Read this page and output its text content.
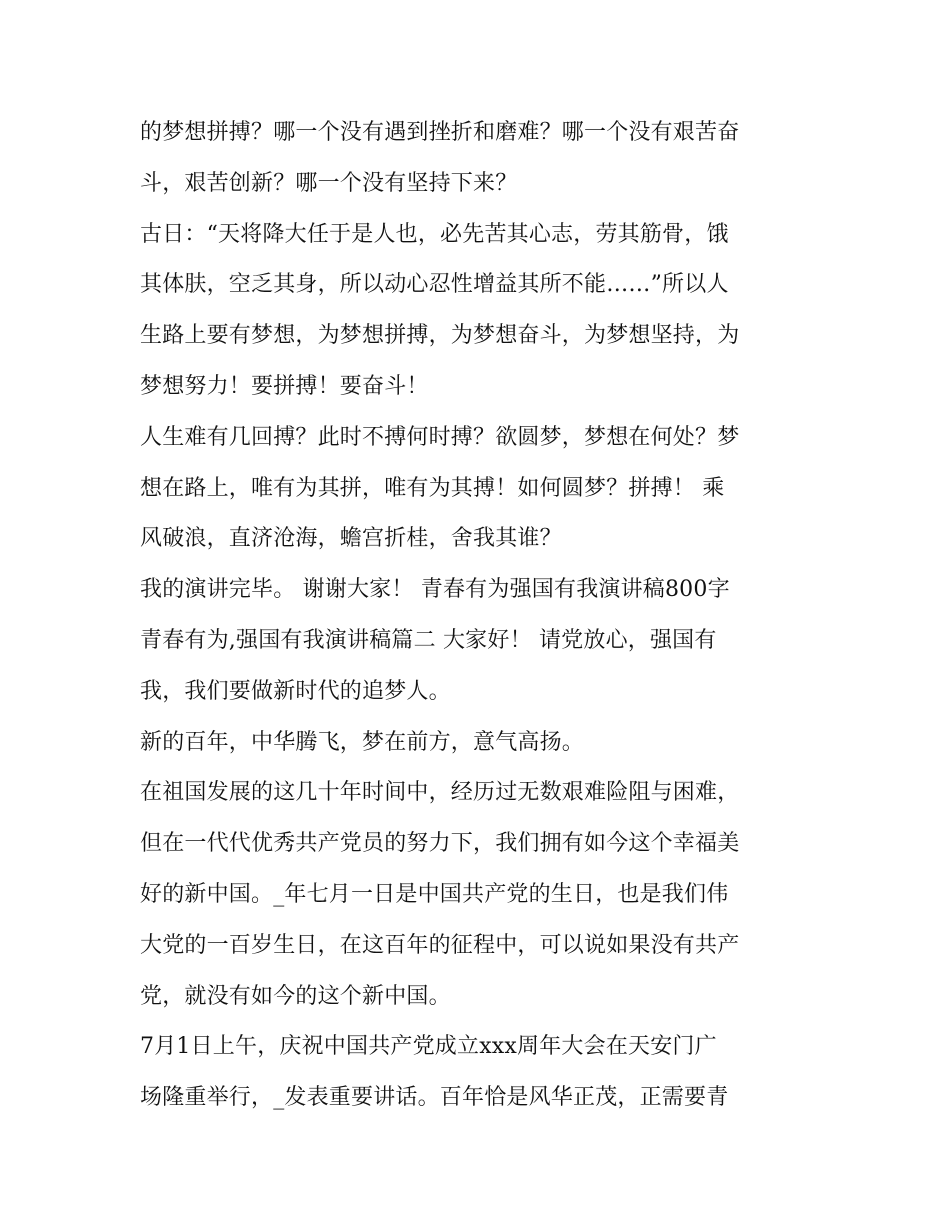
的梦想拼搏？哪一个没有遇到挫折和磨难？哪一个没有艰苦奋
斗，艰苦创新？哪一个没有坚持下来？
古日：“天将降大任于是人也，必先苦其心志，劳其筋骨，饿
其体肤，空乏其身，所以动心忍性增益其所不能……”所以人
生路上要有梦想，为梦想拼搏，为梦想奋斗，为梦想坚持，为
梦想努力！要拼搏！要奋斗！
人生难有几回搏？此时不搏何时搏？欲圆梦，梦想在何处？梦
想在路上，唯有为其拼，唯有为其搏！如何圆梦？拼搏！ 乘
风破浪，直济沧海，蟾宫折桂，舍我其谁？
我的演讲完毕。 谢谢大家！ 青春有为强国有我演讲稿800字
青春有为,强国有我演讲稿篇二 大家好！ 请党放心，强国有
我，我们要做新时代的追梦人。
新的百年，中华腾飞，梦在前方，意气高扬。
在祖国发展的这几十年时间中，经历过无数艰难险阻与困难，
但在一代代优秀共产党员的努力下，我们拥有如今这个幸福美
好的新中国。_年七月一日是中国共产党的生日，也是我们伟
大党的一百岁生日，在这百年的征程中，可以说如果没有共产
党，就没有如今的这个新中国。
7月1日上午，庆祝中国共产党成立xxx周年大会在天安门广
场隆重举行，_发表重要讲话。百年恰是风华正茂，正需要青
